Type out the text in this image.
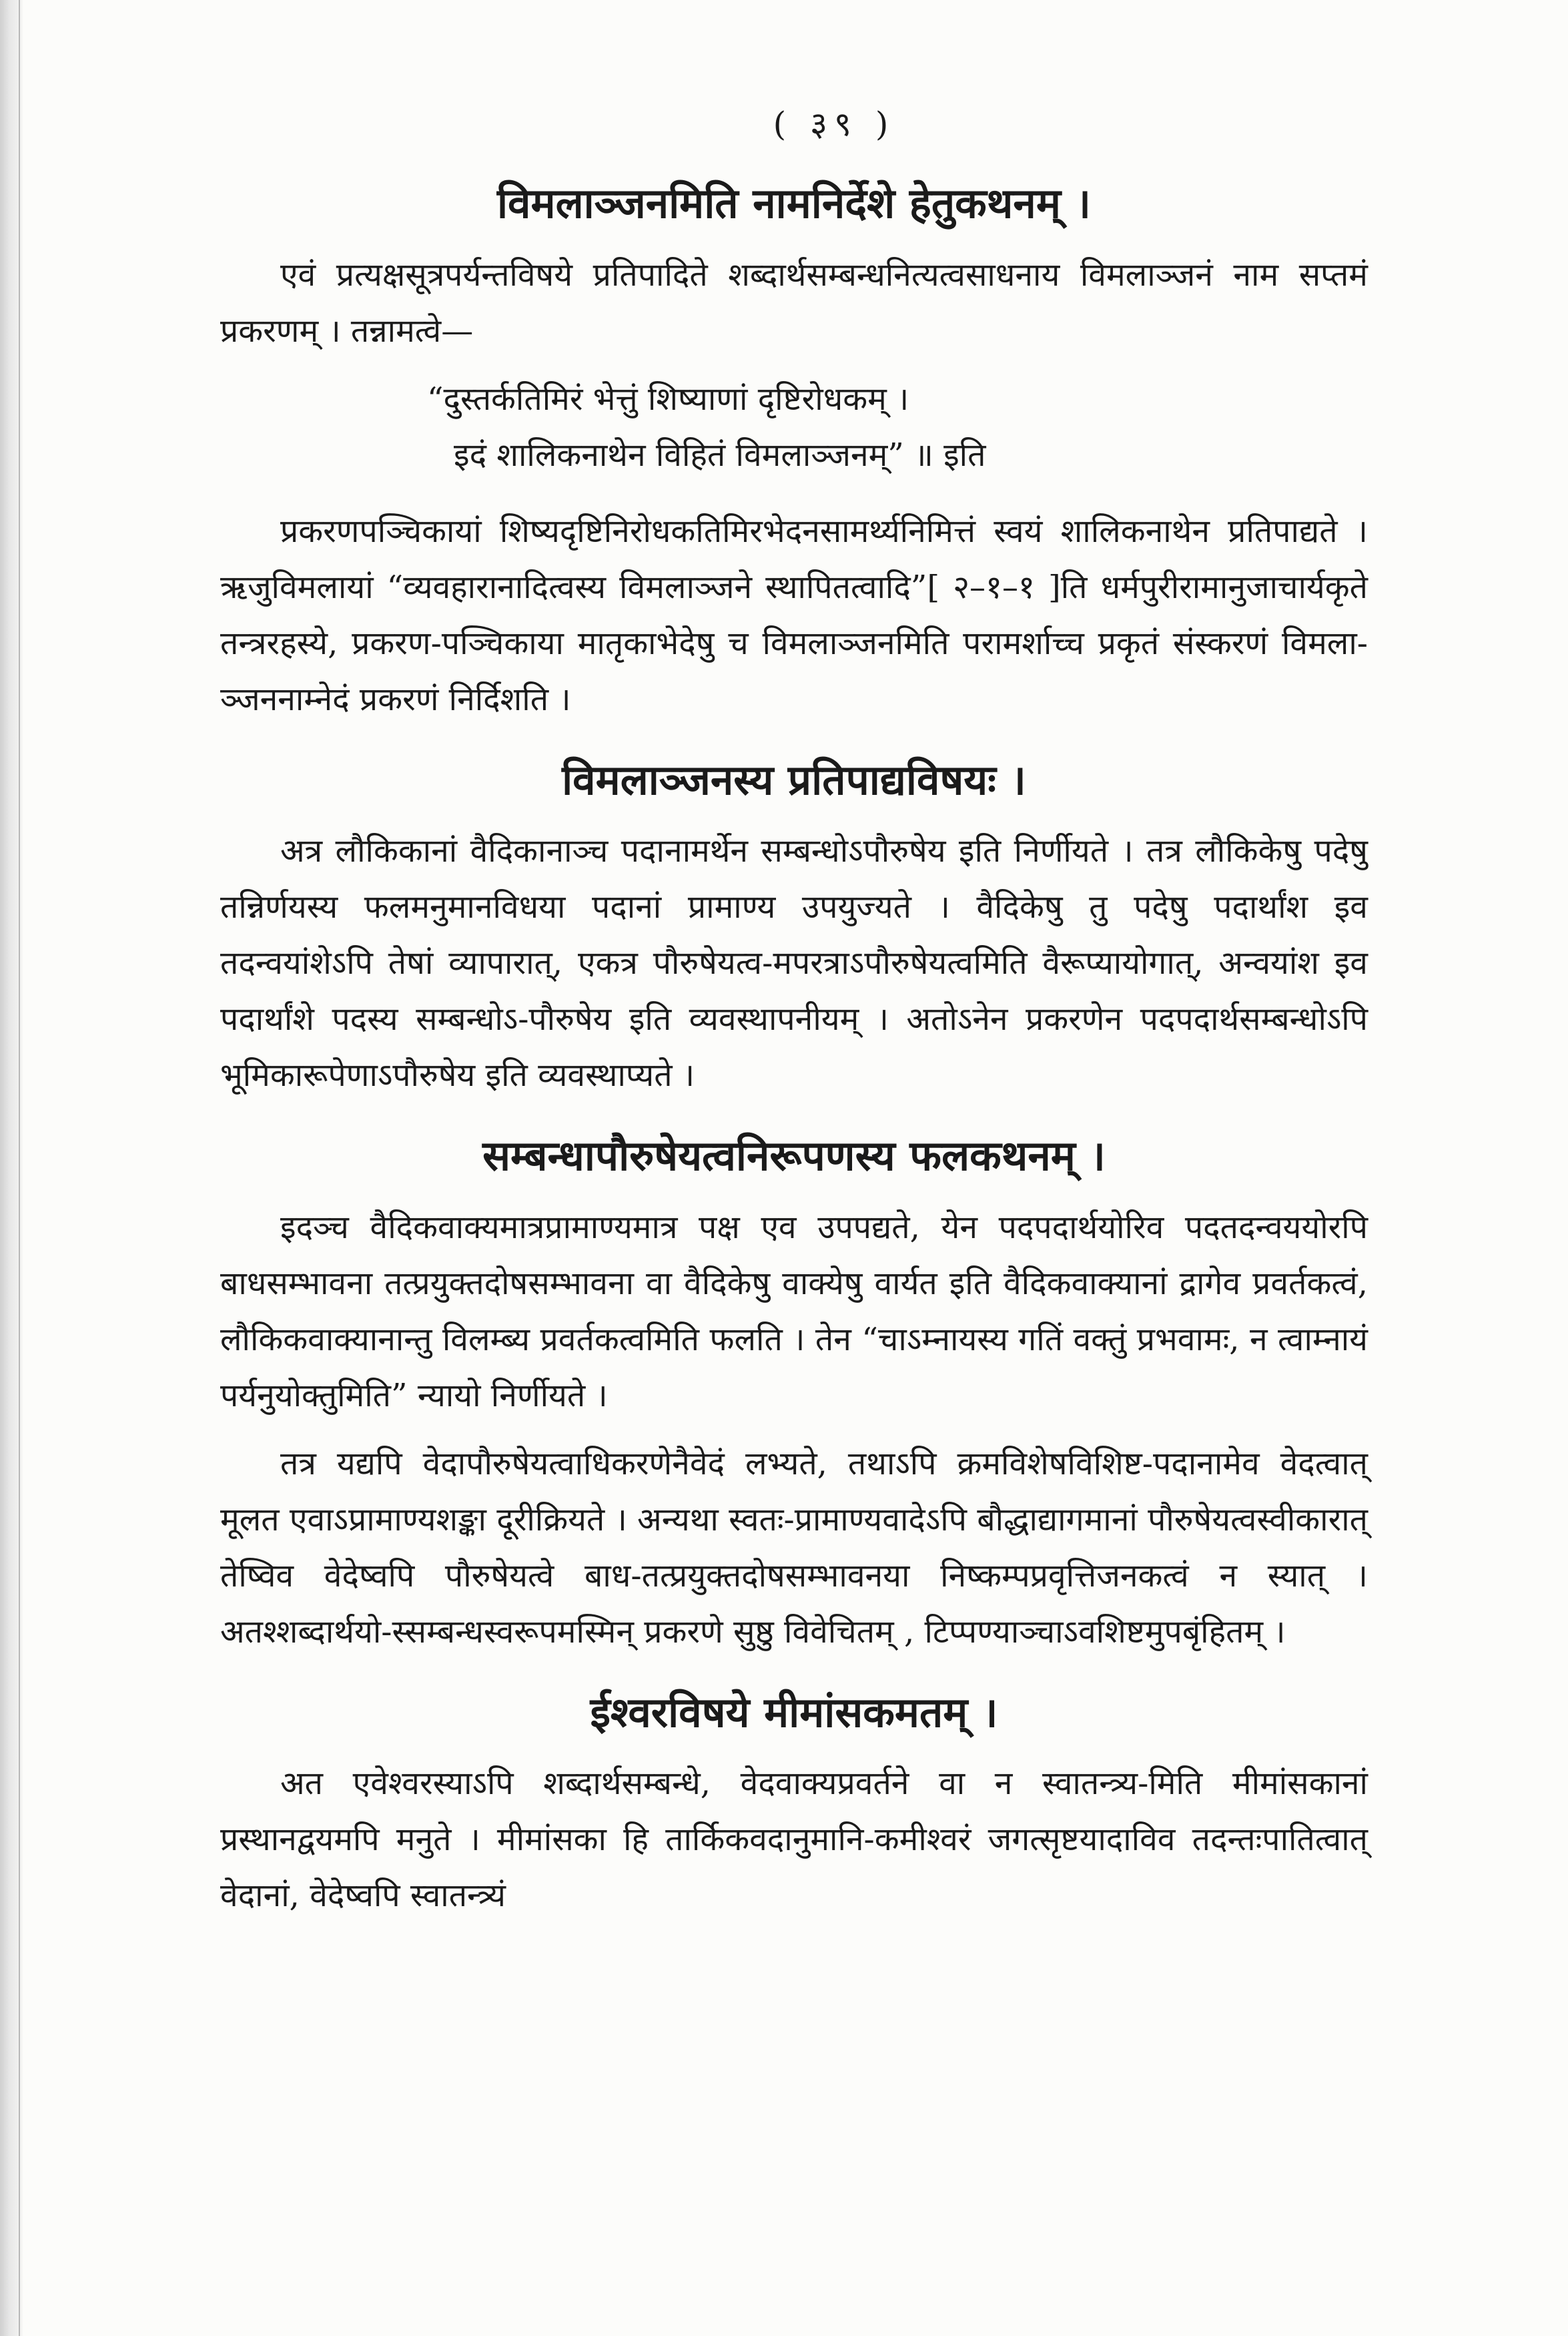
( ३९ )
विमलाञ्जनमिति नामनिर्देशे हेतुकथनम् ।

एवं प्रत्यक्षसूत्रपर्यन्तविषये प्रतिपादिते शब्दार्थसम्बन्धनित्यत्वसाधनाय विमलाञ्जनं नाम सप्तमं प्रकरणम् । तन्नामत्वे—

“दुस्तर्कतिमिरं भेत्तुं शिष्याणां दृष्टिरोधकम् ।
इदं शालिकनाथेन विहितं विमलाञ्जनम्” ॥ इति

प्रकरणपञ्चिकायां शिष्यदृष्टिनिरोधकतिमिरभेदनसामर्थ्यनिमित्तं स्वयं शालिकनाथेन प्रतिपाद्यते । ऋजुविमलायां “व्यवहारानादित्वस्य विमलाञ्जने स्थापितत्वादि”[ २–१–१ ]ति धर्मपुरीरामानुजाचार्यकृते तन्त्ररहस्ये, प्रकरण-पञ्चिकाया मातृकाभेदेषु च विमलाञ्जनमिति परामर्शाच्च प्रकृतं संस्करणं विमला-ञ्जननाम्नेदं प्रकरणं निर्दिशति ।

विमलाञ्जनस्य प्रतिपाद्यविषयः ।

अत्र लौकिकानां वैदिकानाञ्च पदानामर्थेन सम्बन्धोऽपौरुषेय इति निर्णीयते । तत्र लौकिकेषु पदेषु तन्निर्णयस्य फलमनुमानविधया पदानां प्रामाण्य उपयुज्यते । वैदिकेषु तु पदेषु पदार्थांश इव तदन्वयांशेऽपि तेषां व्यापारात्, एकत्र पौरुषेयत्व-मपरत्राऽपौरुषेयत्वमिति वैरूप्यायोगात्, अन्वयांश इव पदार्थांशे पदस्य सम्बन्धोऽ-पौरुषेय इति व्यवस्थापनीयम् । अतोऽनेन प्रकरणेन पदपदार्थसम्बन्धोऽपि भूमिकारूपेणाऽपौरुषेय इति व्यवस्थाप्यते ।

सम्बन्धापौरुषेयत्वनिरूपणस्य फलकथनम् ।

इदञ्च वैदिकवाक्यमात्रप्रामाण्यमात्र पक्ष एव उपपद्यते, येन पदपदार्थयोरिव पदतदन्वययोरपि बाधसम्भावना तत्प्रयुक्तदोषसम्भावना वा वैदिकेषु वाक्येषु वार्यत इति वैदिकवाक्यानां द्रागेव प्रवर्तकत्वं, लौकिकवाक्यानान्तु विलम्ब्य प्रवर्तकत्वमिति फलति । तेन “चाऽम्नायस्य गतिं वक्तुं प्रभवामः, न त्वाम्नायं पर्यनुयोक्तुमिति” न्यायो निर्णीयते ।

तत्र यद्यपि वेदापौरुषेयत्वाधिकरणेनैवेदं लभ्यते, तथाऽपि क्रमविशेषविशिष्ट-पदानामेव वेदत्वात् मूलत एवाऽप्रामाण्यशङ्का दूरीक्रियते । अन्यथा स्वतः-प्रामाण्यवादेऽपि बौद्धाद्यागमानां पौरुषेयत्वस्वीकारात् तेष्विव वेदेष्वपि पौरुषेयत्वे बाध-तत्प्रयुक्तदोषसम्भावनया निष्कम्पप्रवृत्तिजनकत्वं न स्यात् । अतश्शब्दार्थयो-स्सम्बन्धस्वरूपमस्मिन् प्रकरणे सुष्ठु विवेचितम् , टिप्पण्याञ्चाऽवशिष्टमुपबृंहितम् ।

ईश्वरविषये मीमांसकमतम् ।

अत एवेश्वरस्याऽपि शब्दार्थसम्बन्धे, वेदवाक्यप्रवर्तने वा न स्वातन्त्र्य-मिति मीमांसकानां प्रस्थानद्वयमपि मनुते । मीमांसका हि तार्किकवदानुमानि-कमीश्वरं जगत्सृष्टयादाविव तदन्तःपातित्वात् वेदानां, वेदेष्वपि स्वातन्त्र्यं
